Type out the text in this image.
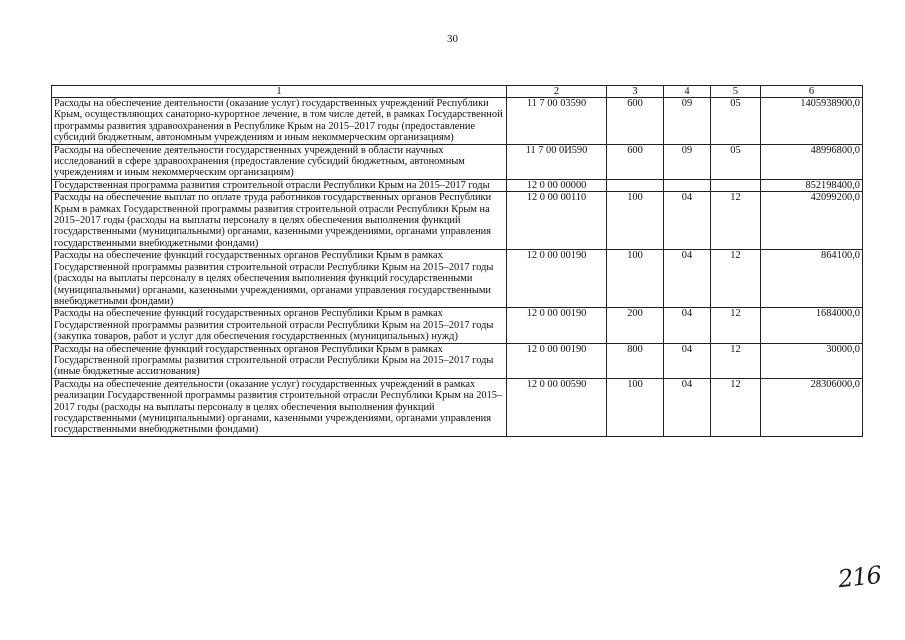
30
1	2	3	4	5	6
Расходы на обеспечение деятельности (оказание услуг) государственных учреждений Республики Крым, осуществляющих санаторно-курортное лечение, в том числе детей, в рамках Государственной программы развития здравоохранения в Республике Крым на 2015–2017 годы (предоставление субсидий бюджетным, автономным учреждениям и иным некоммерческим организациям)	11 7 00 03590	600	09	05	1405938900,0
Расходы на обеспечение деятельности государственных учреждений в области научных исследований в сфере здравоохранения (предоставление субсидий бюджетным, автономным учреждениям и иным некоммерческим организациям)	11 7 00 0И590	600	09	05	48996800,0
Государственная программа развития строительной отрасли Республики Крым на 2015–2017 годы	12 0 00 00000				852198400,0
Расходы на обеспечение выплат по оплате труда работников государственных органов Республики Крым в рамках Государственной программы развития строительной отрасли Республики Крым на 2015–2017 годы (расходы на выплаты персоналу в целях обеспечения выполнения функций государственными (муниципальными) органами, казенными учреждениями, органами управления государственными внебюджетными фондами)	12 0 00 00110	100	04	12	42099200,0
Расходы на обеспечение функций государственных органов Республики Крым в рамках Государственной программы развития строительной отрасли Республики Крым на 2015–2017 годы (расходы на выплаты персоналу в целях обеспечения выполнения функций государственными (муниципальными) органами, казенными учреждениями, органами управления государственными внебюджетными фондами)	12 0 00 00190	100	04	12	864100,0
Расходы на обеспечение функций государственных органов Республики Крым в рамках Государственной программы развития строительной отрасли Республики Крым на 2015–2017 годы (закупка товаров, работ и услуг для обеспечения государственных (муниципальных) нужд)	12 0 00 00190	200	04	12	1684000,0
Расходы на обеспечение функций государственных органов Республики Крым в рамках Государственной программы развития строительной отрасли Республики Крым на 2015–2017 годы (иные бюджетные ассигнования)	12 0 00 00190	800	04	12	30000,0
Расходы на обеспечение деятельности (оказание услуг) государственных учреждений в рамках реализации Государственной программы развития строительной отрасли Республики Крым на 2015–2017 годы (расходы на выплаты персоналу в целях обеспечения выполнения функций государственными (муниципальными) органами, казенными учреждениями, органами управления государственными внебюджетными фондами)	12 0 00 00590	100	04	12	28306000,0
216
